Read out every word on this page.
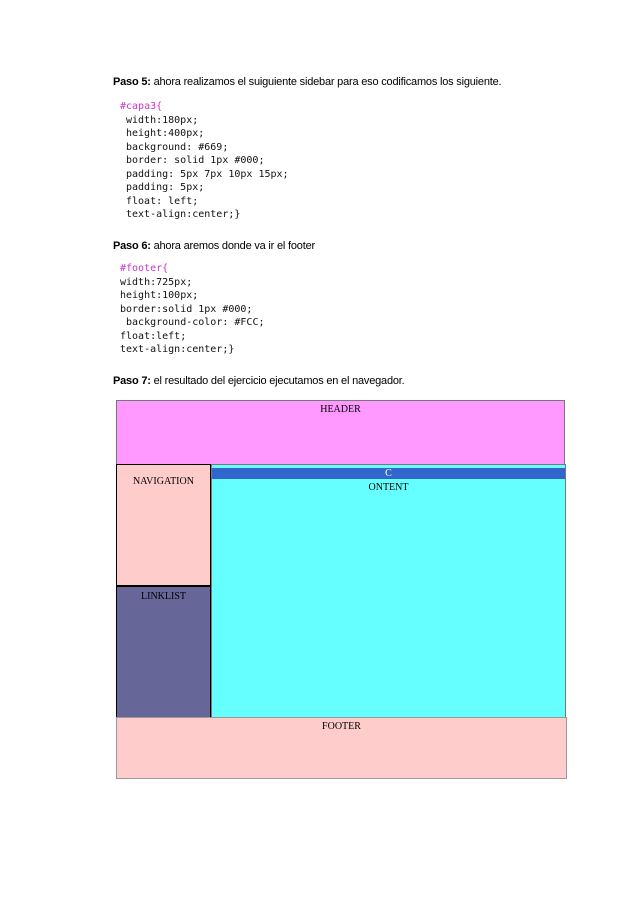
Paso 5: ahora realizamos el suiguiente sidebar para eso codificamos los siguiente.
#capa3{
width:180px;
height:400px;
background: #669;
border: solid 1px #000;
padding: 5px 7px 10px 15px;
padding: 5px;
float: left;
text-align:center;}
Paso 6: ahora aremos donde va ir el footer
#footer{
width:725px;
height:100px;
border:solid 1px #000;
background-color: #FCC;
float:left;
text-align:center;}
Paso 7: el resultado del ejercicio ejecutamos en el navegador.
HEADER
C
ONTENT
NAVIGATION
LINKLIST
FOOTER
